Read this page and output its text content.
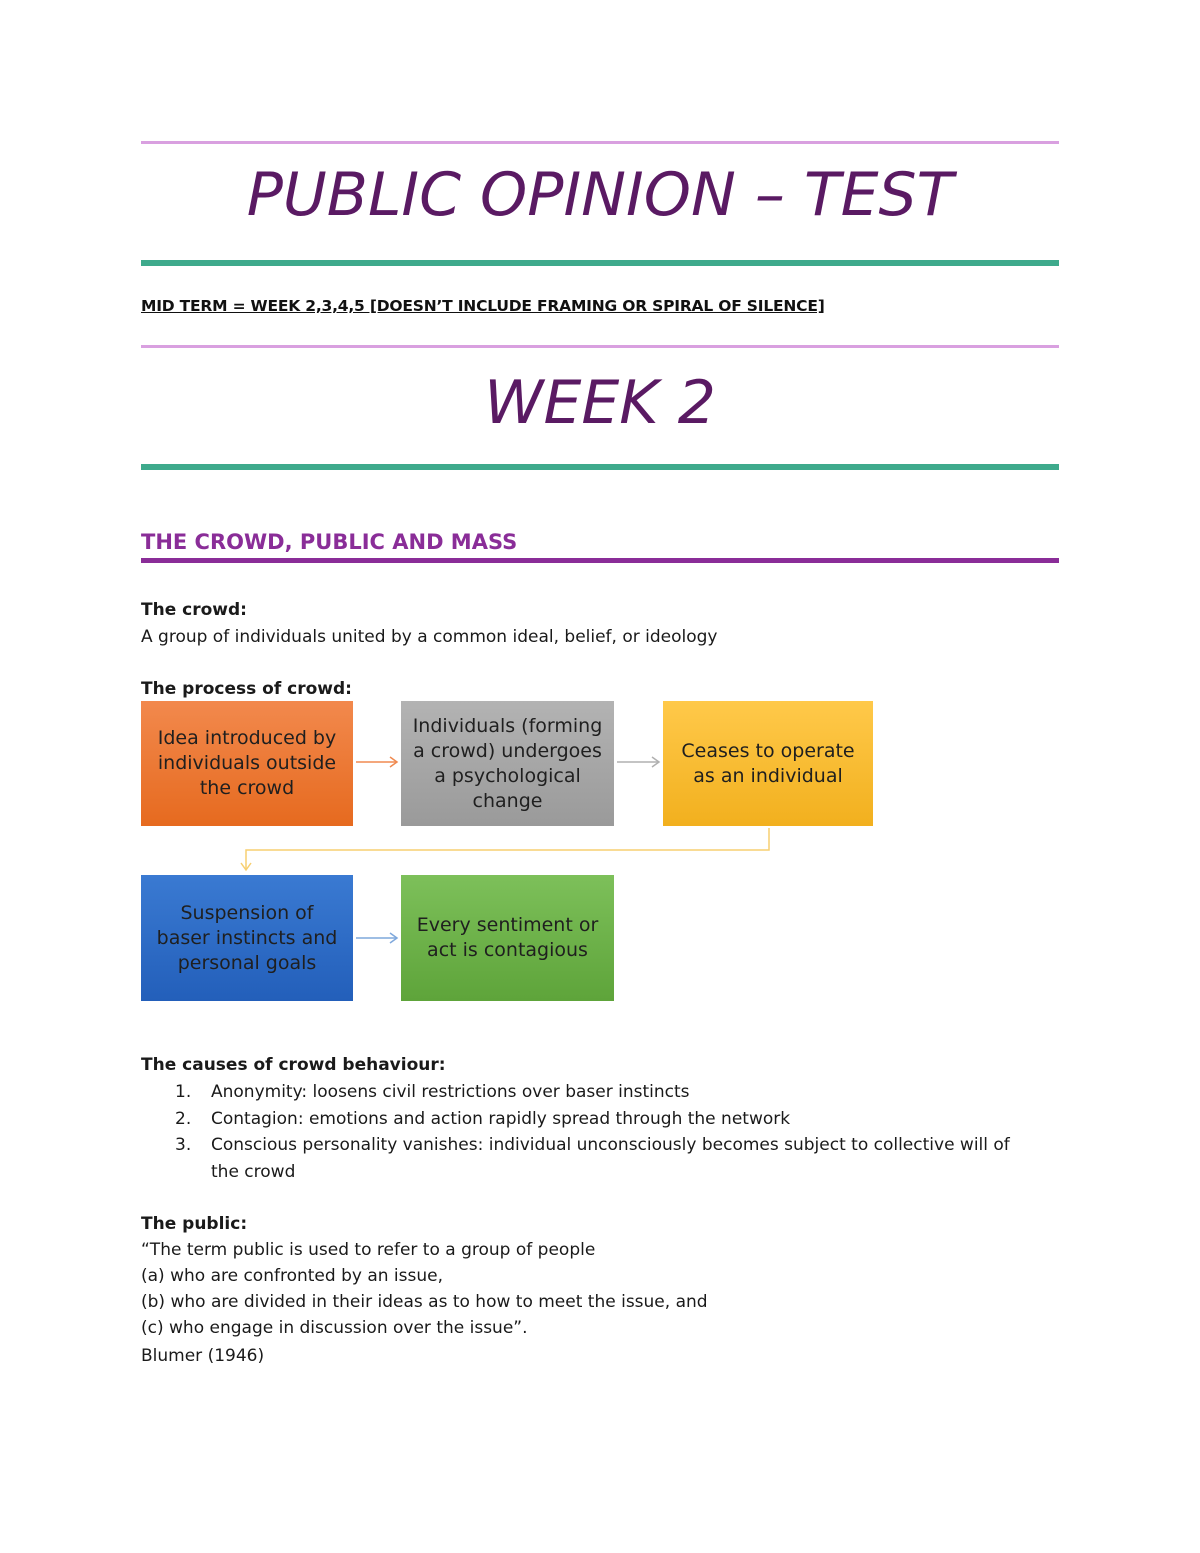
PUBLIC OPINION – TEST
MID TERM = WEEK 2,3,4,5 [DOESN’T INCLUDE FRAMING OR SPIRAL OF SILENCE]
WEEK 2
THE CROWD, PUBLIC AND MASS
The crowd:
A group of individuals united by a common ideal, belief, or ideology
The process of crowd:
Idea introduced by individuals outside the crowd
Individuals (forming a crowd) undergoes a psychological change
Ceases to operate as an individual
Suspension of baser instincts and personal goals
Every sentiment or act is contagious
The causes of crowd behaviour:
1. Anonymity: loosens civil restrictions over baser instincts
2. Contagion: emotions and action rapidly spread through the network
3. Conscious personality vanishes: individual unconsciously becomes subject to collective will of
the crowd
The public:
“The term public is used to refer to a group of people
(a) who are confronted by an issue,
(b) who are divided in their ideas as to how to meet the issue, and
(c) who engage in discussion over the issue”.
Blumer (1946)
